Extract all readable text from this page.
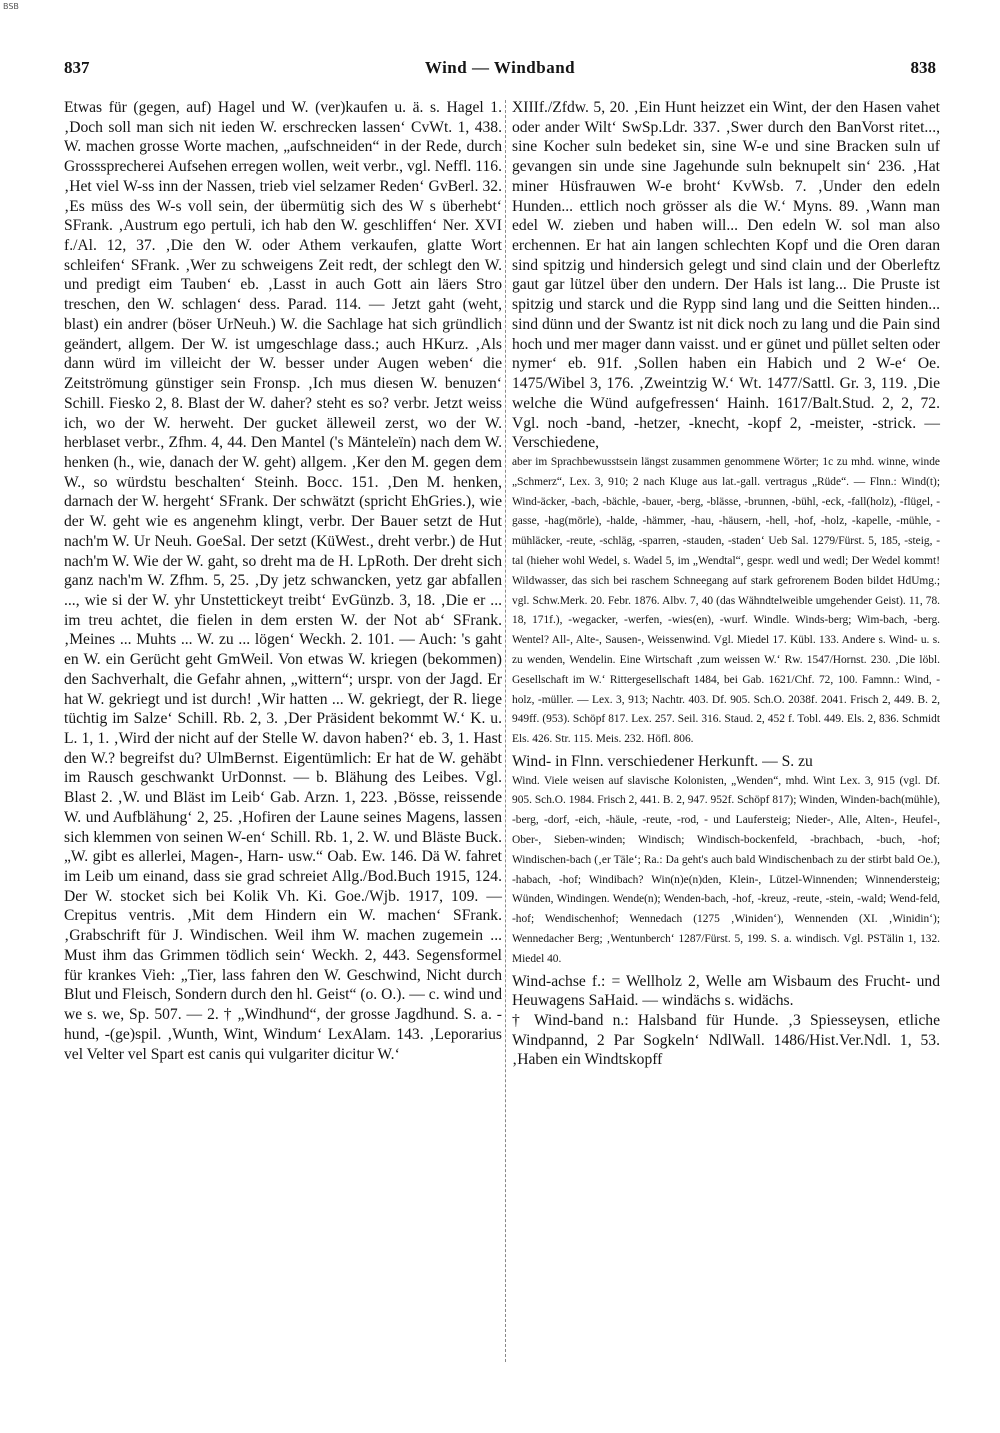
BSB
837	Wind — Windband	838

Etwas für (gegen, auf) Hagel und W. (ver)kaufen u. ä. s. Hagel 1. ‚Doch soll man sich nit ieden W. erschrecken lassen‘ CvWt. 1, 438. W. machen grosse Worte machen, „aufschneiden“ in der Rede, durch Grosssprecherei Aufsehen erregen wollen, weit verbr., vgl. Neffl. 116. ‚Het viel W-ss inn der Nassen, trieb viel selzamer Reden‘ GvBerl. 32. ‚Es müss des W-s voll sein, der übermütig sich des W s überhebt‘ SFrank. ‚Austrum ego pertuli, ich hab den W. geschliffen‘ Ner. XVI f./Al. 12, 37. ‚Die den W. oder Athem verkaufen, glatte Wort schleifen‘ SFrank. ‚Wer zu schweigens Zeit redt, der schlegt den W. und predigt eim Tauben‘ eb. ‚Lasst in auch Gott ain läers Stro treschen, den W. schlagen‘ dess. Parad. 114. — Jetzt gaht (weht, blast) ein andrer (böser UrNeuh.) W. die Sachlage hat sich gründlich geändert, allgem. Der W. ist umgeschlage dass.; auch HKurz. ‚Als dann würd im villeicht der W. besser under Augen weben‘ die Zeitströmung günstiger sein Fronsp. ‚Ich mus diesen W. benuzen‘ Schill. Fiesko 2, 8. Blast der W. daher? steht es so? verbr. Jetzt weiss ich, wo der W. herweht. Der gucket älleweil zerst, wo der W. herblaset verbr., Zfhm. 4, 44. Den Mantel ('s Mänteleïn) nach dem W. henken (h., wie, danach der W. geht) allgem. ‚Ker den M. gegen dem W., so würdstu beschalten‘ Steinh. Bocc. 151. ‚Den M. henken, darnach der W. hergeht‘ SFrank. Der schwätzt (spricht EhGries.), wie der W. geht wie es angenehm klingt, verbr. Der Bauer setzt de Hut nach'm W. Ur Neuh. GoeSal. Der setzt (KüWest., dreht verbr.) de Hut nach'm W. Wie der W. gaht, so dreht ma de H. LpRoth. Der dreht sich ganz nach'm W. Zfhm. 5, 25. ‚Dy jetz schwancken, yetz gar abfallen ..., wie si der W. yhr Unstettickeyt treibt‘ EvGünzb. 3, 18. ‚Die er ... im treu achtet, die fielen in dem ersten W. der Not ab‘ SFrank. ‚Meines ... Muhts ... W. zu ... lögen‘ Weckh. 2. 101. — Auch: 's gaht en W. ein Gerücht geht GmWeil. Von etwas W. kriegen (bekommen) den Sachverhalt, die Gefahr ahnen, „wittern“; urspr. von der Jagd. Er hat W. gekriegt und ist durch! ‚Wir hatten ... W. gekriegt, der R. liege tüchtig im Salze‘ Schill. Rb. 2, 3. ‚Der Präsident bekommt W.‘ K. u. L. 1, 1. ‚Wird der nicht auf der Stelle W. davon haben?‘ eb. 3, 1. Hast den W.? begreifst du? UlmBernst. Eigentümlich: Er hat de W. gehäbt im Rausch geschwankt UrDonnst. — b. Blähung des Leibes. Vgl. Blast 2. ‚W. und Bläst im Leib‘ Gab. Arzn. 1, 223. ‚Bösse, reissende W. und Aufblähung‘ 2, 25. ‚Hofiren der Laune seines Magens, lassen sich klemmen von seinen W-en‘ Schill. Rb. 1, 2. W. und Bläste Buck. „W. gibt es allerlei, Magen-, Harn- usw.“ Oab. Ew. 146. Dä W. fahret im Leib um einand, dass sie grad schreiet Allg./Bod.Buch 1915, 124. Der W. stocket sich bei Kolik Vh. Ki. Goe./Wjb. 1917, 109. — Crepitus ventris. ‚Mit dem Hindern ein W. machen‘ SFrank. ‚Grabschrift für J. Windischen. Weil ihm W. machen zugemein ... Must ihm das Grimmen tödlich sein‘ Weckh. 2, 443. Segensformel für krankes Vieh: „Tier, lass fahren den W. Geschwind, Nicht durch Blut und Fleisch, Sondern durch den hl. Geist“ (o. O.). — c. wind und we s. we, Sp. 507. — 2. † „Windhund“, der grosse Jagdhund. S. a. -hund, -(ge)spil. ‚Wunth, Wint, Windum‘ LexAlam. 143. ‚Leporarius vel Velter vel Spart est canis qui vulgariter dicitur W.‘

XIIIf./Zfdw. 5, 20. ‚Ein Hunt heizzet ein Wint, der den Hasen vahet oder ander Wilt‘ SwSp.Ldr. 337. ‚Swer durch den BanVorst ritet..., sine Kocher suln bedeket sin, sine W-e und sine Bracken suln uf gevangen sin unde sine Jagehunde suln beknupelt sin‘ 236. ‚Hat miner Hüsfrauwen W-e broht‘ KvWsb. 7. ‚Under den edeln Hunden... ettlich noch grösser als die W.‘ Myns. 89. ‚Wann man edel W. zieben und haben will... Den edeln W. sol man also erchennen. Er hat ain langen schlechten Kopf und die Oren daran sind spitzig und hindersich gelegt und sind clain und der Oberleftz gaut gar lützel über den undern. Der Hals ist lang... Die Pruste ist spitzig und starck und die Rypp sind lang und die Seitten hinden... sind dünn und der Swantz ist nit dick noch zu lang und die Pain sind hoch und mer mager dann vaisst. und er günet und püllet selten oder nymer‘ eb. 91f. ‚Sollen haben ein Habich und 2 W-e‘ Oe. 1475/Wibel 3, 176. ‚Zweintzig W.‘ Wt. 1477/Sattl. Gr. 3, 119. ‚Die welche die Wünd aufgefressen‘ Hainh. 1617/Balt.Stud. 2, 2, 72. Vgl. noch -band, -hetzer, -knecht, -kopf 2, -meister, -strick. — Verschiedene,

aber im Sprachbewusstsein längst zusammen genommene Wörter; 1c zu mhd. winne, winde „Schmerz“, Lex. 3, 910; 2 nach Kluge aus lat.-gall. vertragus „Rüde“. — Flnn.: Wind(t); Wind-äcker, -bach, -bächle, -bauer, -berg, -blässe, -brunnen, -bühl, -eck, -fall(holz), -flügel, -gasse, -hag(mörle), -halde, -hämmer, -hau, -häusern, -hell, -hof, -holz, -kapelle, -mühle, -mühläcker, -reute, -schläg, -sparren, -stauden, -staden‘ Ueb Sal. 1279/Fürst. 5, 185, -steig, -tal (hieher wohl Wedel, s. Wadel 5, im „Wendtal“, gespr. wedl und wedl; Der Wedel kommt! Wildwasser, das sich bei raschem Schneegang auf stark gefrorenem Boden bildet HdUmg.; vgl. Schw.Merk. 20. Febr. 1876. Albv. 7, 40 (das Wähndtelweible umgehender Geist). 11, 78. 18, 171f.), -wegacker, -werfen, -wies(en), -wurf. Windle. Winds-berg; Wim-bach, -berg. Wentel? All-, Alte-, Sausen-, Weissenwind. Vgl. Miedel 17. Kübl. 133. Andere s. Wind- u. s. zu wenden, Wendelin. Eine Wirtschaft ‚zum weissen W.‘ Rw. 1547/Hornst. 230. ‚Die löbl. Gesellschaft im W.‘ Rittergesellschaft 1484, bei Gab. 1621/Chf. 72, 100. Famnn.: Wind, -holz, -müller. — Lex. 3, 913; Nachtr. 403. Df. 905. Sch.O. 2038f. 2041. Frisch 2, 449. B. 2, 949ff. (953). Schöpf 817. Lex. 257. Seil. 316. Staud. 2, 452 f. Tobl. 449. Els. 2, 836. Schmidt Els. 426. Str. 115. Meis. 232. Höfl. 806.

Wind- in Flnn. verschiedener Herkunft. — S. zu

Wind. Viele weisen auf slavische Kolonisten, „Wenden“, mhd. Wint Lex. 3, 915 (vgl. Df. 905. Sch.O. 1984. Frisch 2, 441. B. 2, 947. 952f. Schöpf 817); Winden, Winden-bach(mühle), -berg, -dorf, -eich, -häule, -reute, -rod, - und Laufersteig; Nieder-, Alle, Alten-, Heufel-, Ober-, Sieben-winden; Windisch; Windisch-bockenfeld, -brachbach, -buch, -hof; Windischen-bach (‚er Täle‘; Ra.: Da geht's auch bald Windischenbach zu der stirbt bald Oe.), -habach, -hof; Windibach? Win(n)e(n)den, Klein-, Lützel-Winnenden; Winnendersteig; Wünden, Windingen. Wende(n); Wenden-bach, -hof, -kreuz, -reute, -stein, -wald; Wend-feld, -hof; Wendischenhof; Wennedach (1275 ‚Winiden‘), Wennenden (XI. ‚Winidin‘); Wennedacher Berg; ‚Wentunberch‘ 1287/Fürst. 5, 199. S. a. windisch. Vgl. PSTälin 1, 132. Miedel 40.

Wind-achse f.: = Wellholz 2, Welle am Wisbaum des Frucht- und Heuwagens SaHaid. — windächs s. widächs.

† Wind-band n.: Halsband für Hunde. ‚3 Spiesseysen, etliche Windpannd, 2 Par Sogkeln‘ NdlWall. 1486/Hist.Ver.Ndl. 1, 53. ‚Haben ein Windtskopff
